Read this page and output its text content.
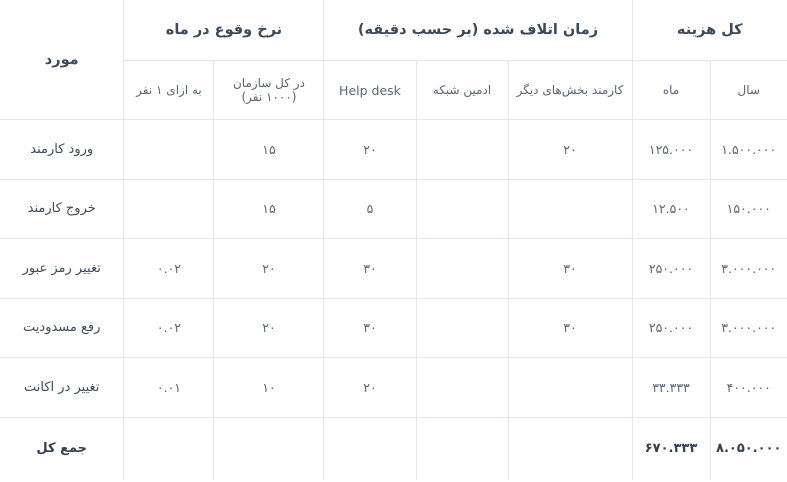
کل هزینه		زمان اتلاف شده (بر حسب دقیقه)			نرخ وقوع در ماه		مورد
سال	ماه	کارمند بخش‌های دیگر	ادمین شبکه	Help desk	در کل سازمان (۱۰۰۰ نفر)	به ازای ۱ نفر	
۱.۵۰۰.۰۰۰	۱۲۵.۰۰۰	۲۰		۲۰	۱۵		ورود کارمند
۱۵۰.۰۰۰	۱۲.۵۰۰			۵	۱۵		خروج کارمند
۳.۰۰۰.۰۰۰	۲۵۰.۰۰۰	۳۰		۳۰	۲۰	۰.۰۲	تغییر رمز عبور
۳.۰۰۰.۰۰۰	۲۵۰.۰۰۰	۳۰		۳۰	۲۰	۰.۰۲	رفع مسدودیت
۴۰۰.۰۰۰	۳۳.۳۳۳			۲۰	۱۰	۰.۰۱	تغییر در اکانت
۸.۰۵۰.۰۰۰	۶۷۰.۳۳۳						جمع کل
